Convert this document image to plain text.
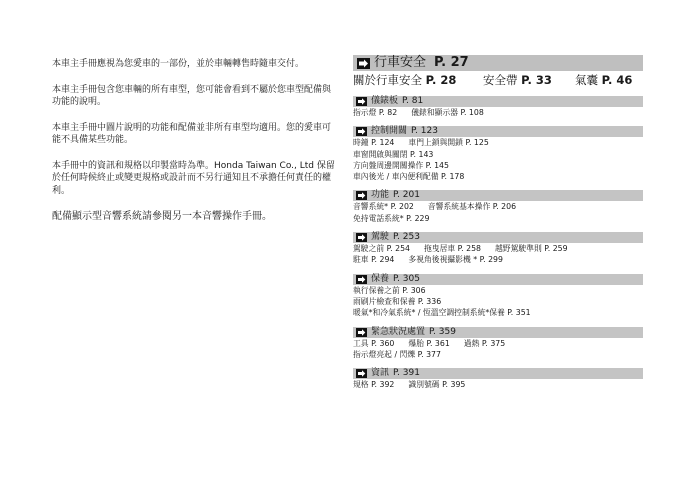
本車主手冊應視為您愛車的一部份，並於車輛轉售時隨車交付。

本車主手冊包含您車輛的所有車型，您可能會看到不屬於您車型配備與功能的說明。

本車主手冊中圖片說明的功能和配備並非所有車型均適用。您的愛車可能不具備某些功能。

本手冊中的資訊和規格以印製當時為準。Honda Taiwan Co., Ltd 保留於任何時候終止或變更規格或設計而不另行通知且不承擔任何責任的權利。

配備顯示型音響系統請參閱另一本音響操作手冊。

行車安全 P. 27
關於行車安全 P. 28	安全帶 P. 33	氣囊 P. 46
儀錶板 P. 81
指示燈 P. 82 儀錶和顯示器 P. 108
控制開關 P. 123
時鐘 P. 124 車門上鎖與開鎖 P. 125
車窗開啟與關閉 P. 143
方向盤周邊開關操作 P. 145
車內後光 / 車內便利配備 P. 178
功能 P. 201
音響系統* P. 202 音響系統基本操作 P. 206
免持電話系統* P. 229
駕駛 P. 253
駕駛之前 P. 254 拖曳居車 P. 258 越野駕駛準則 P. 259
駐車 P. 294 多視角後視攝影機 * P. 299
保養 P. 305
執行保養之前 P. 306
雨刷片檢查和保養 P. 336
暖氣*和冷氣系統* / 恆溫空調控制系統*保養 P. 351
緊急狀況處置 P. 359
工具 P. 360 爆胎 P. 361 過熱 P. 375
指示燈亮起 / 閃爍 P. 377
資訊 P. 391
規格 P. 392 識別號碼 P. 395
